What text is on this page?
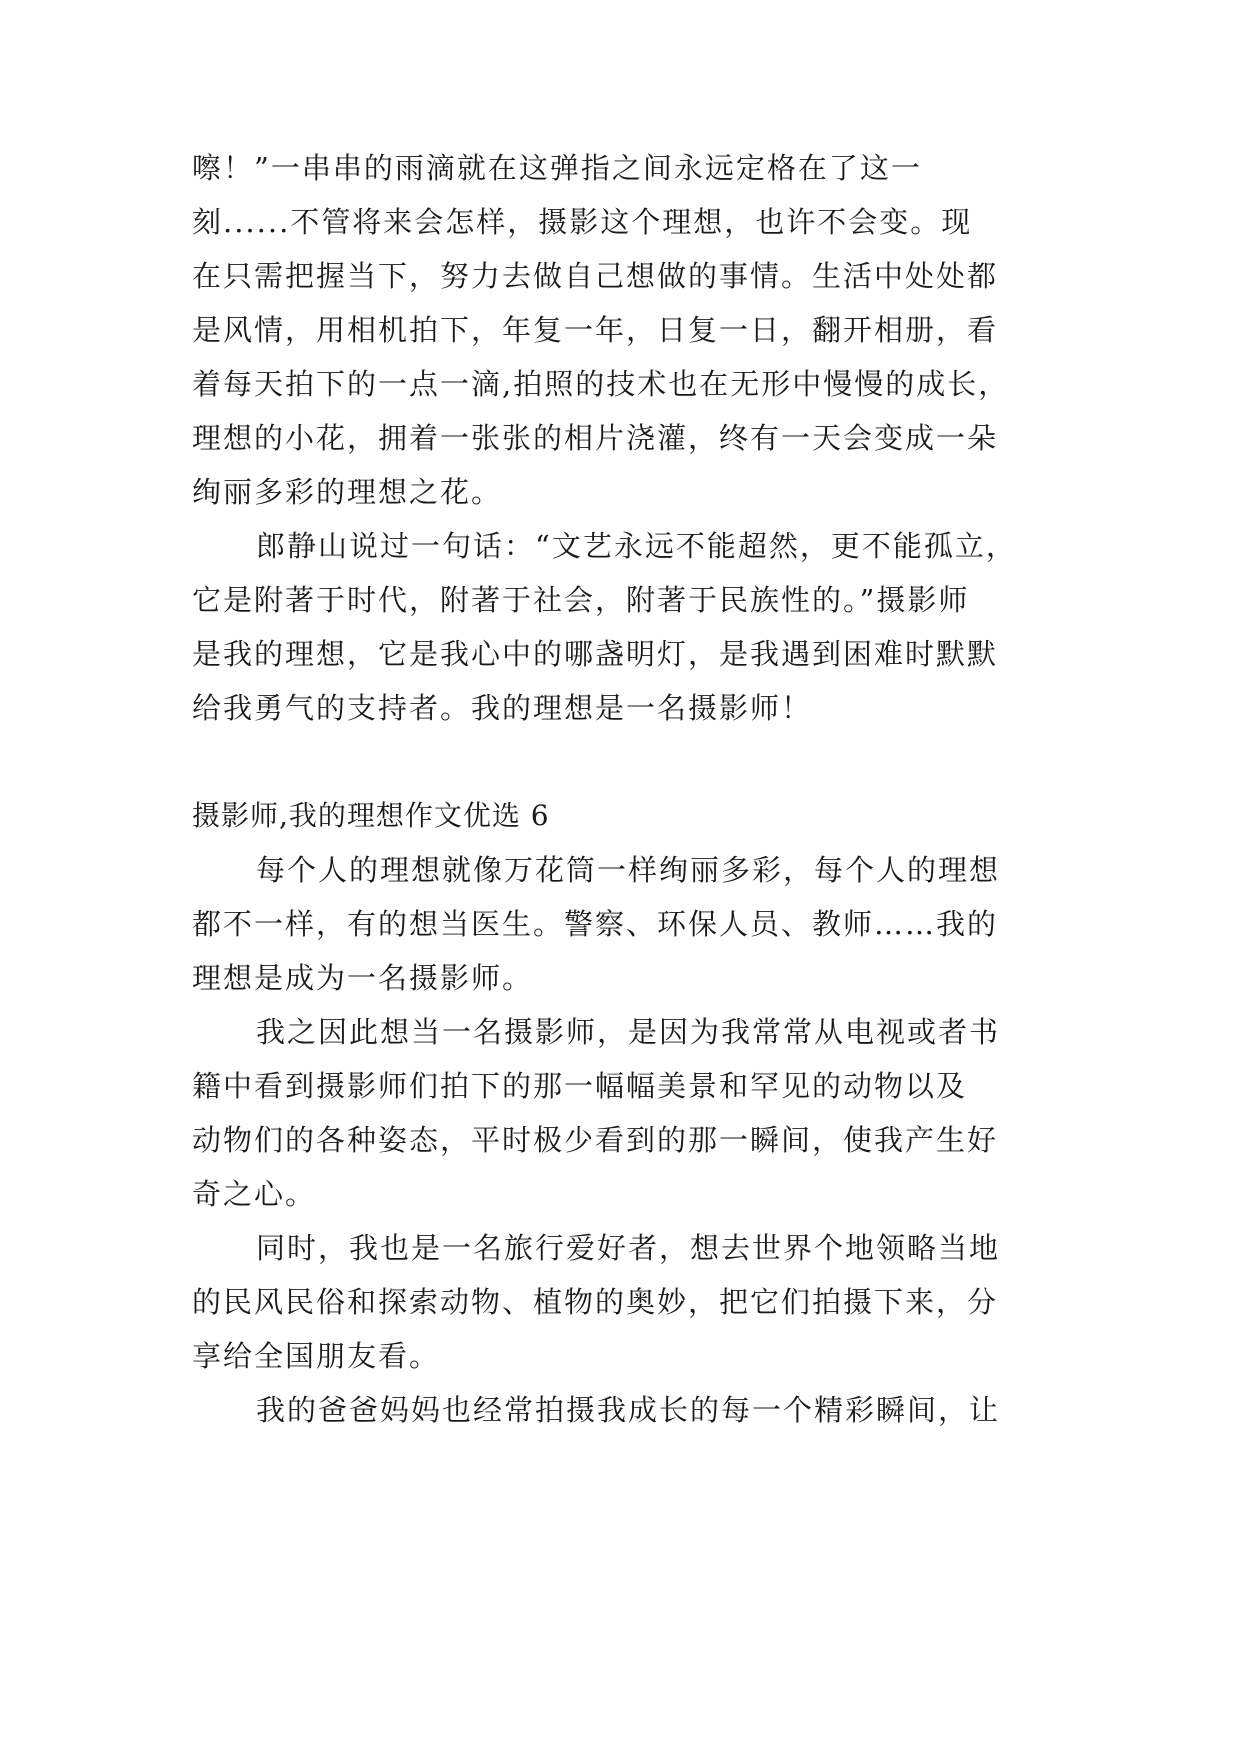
嚓！”一串串的雨滴就在这弹指之间永远定格在了这一
刻......不管将来会怎样，摄影这个理想，也许不会变。现
在只需把握当下，努力去做自己想做的事情。生活中处处都
是风情，用相机拍下，年复一年，日复一日，翻开相册，看
着每天拍下的一点一滴,拍照的技术也在无形中慢慢的成长，
理想的小花，拥着一张张的相片浇灌，终有一天会变成一朵
绚丽多彩的理想之花。
郎静山说过一句话：“文艺永远不能超然，更不能孤立，
它是附著于时代，附著于社会，附著于民族性的。”摄影师
是我的理想，它是我心中的哪盏明灯，是我遇到困难时默默
给我勇气的支持者。我的理想是一名摄影师！
摄影师,我的理想作文优选 6
每个人的理想就像万花筒一样绚丽多彩，每个人的理想
都不一样，有的想当医生。警察、环保人员、教师……我的
理想是成为一名摄影师。
我之因此想当一名摄影师，是因为我常常从电视或者书
籍中看到摄影师们拍下的那一幅幅美景和罕见的动物以及
动物们的各种姿态，平时极少看到的那一瞬间，使我产生好
奇之心。
同时，我也是一名旅行爱好者，想去世界个地领略当地
的民风民俗和探索动物、植物的奥妙，把它们拍摄下来，分
享给全国朋友看。
我的爸爸妈妈也经常拍摄我成长的每一个精彩瞬间，让
